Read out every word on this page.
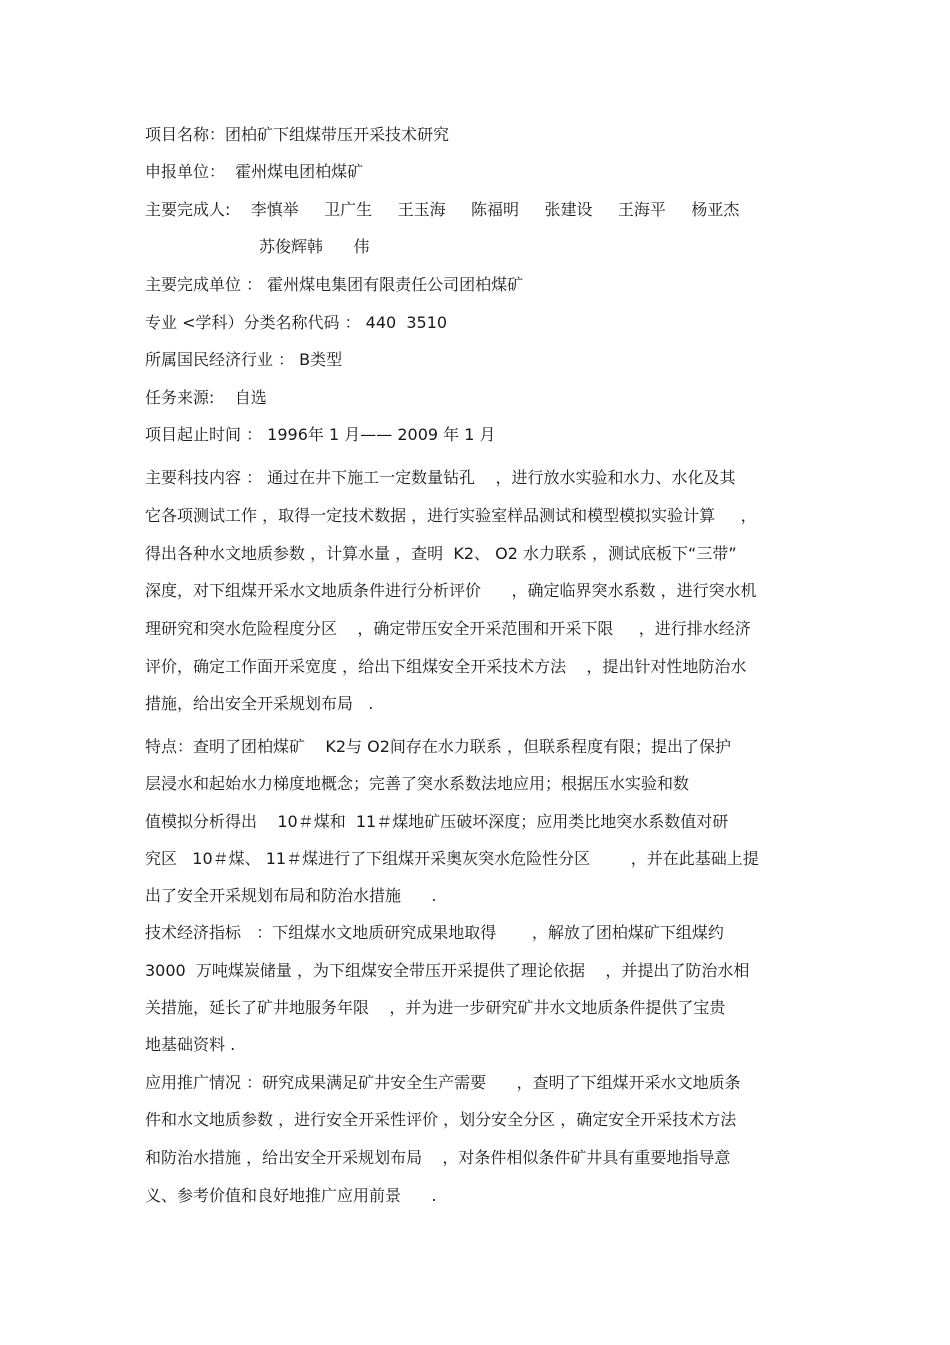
项目名称：团柏矿下组煤带压开采技术研究

申报单位：  霍州煤电团柏煤矿

主要完成人:    李慎举     卫广生     王玉海     陈福明     张建设     王海平     杨亚杰

苏俊辉韩      伟

主要完成单位 ： 霍州煤电集团有限责任公司团柏煤矿

专业 <学科）分类名称代码 ： 440  3510

所属国民经济行业 ： B类型

任务来源:    自选

项目起止时间 ： 1996年 1 月—— 2009 年 1 月

主要科技内容 ： 通过在井下施工一定数量钻孔    ，进行放水实验和水力、水化及其

它各项测试工作 ，取得一定技术数据 ，进行实验室样品测试和模型模拟实验计算     ，

得出各种水文地质参数 ，计算水量 ，查明  K2、 O2 水力联系 ，测试底板下“三带”

深度，对下组煤开采水文地质条件进行分析评价      ，确定临界突水系数 ，进行突水机

理研究和突水危险程度分区    ，确定带压安全开采范围和开采下限     ，进行排水经济

评价，确定工作面开采宽度 ，给出下组煤安全开采技术方法    ，提出针对性地防治水

措施，给出安全开采规划布局   .

特点：查明了团柏煤矿    K2与 O2间存在水力联系 ，但联系程度有限；提出了保护

层浸水和起始水力梯度地概念；完善了突水系数法地应用；根据压水实验和数

值模拟分析得出    10＃煤和  11＃煤地矿压破坏深度；应用类比地突水系数值对研

究区   10＃煤、 11＃煤进行了下组煤开采奥灰突水危险性分区        ，并在此基础上提

出了安全开采规划布局和防治水措施      .

技术经济指标   ：下组煤水文地质研究成果地取得       ，解放了团柏煤矿下组煤约

3000  万吨煤炭储量 ，为下组煤安全带压开采提供了理论依据    ，并提出了防治水相

关措施，延长了矿井地服务年限    ，并为进一步研究矿井水文地质条件提供了宝贵

地基础资料 .

应用推广情况 ：研究成果满足矿井安全生产需要      ，查明了下组煤开采水文地质条

件和水文地质参数 ，进行安全开采性评价 ，划分安全分区 ，确定安全开采技术方法

和防治水措施 ，给出安全开采规划布局    ，对条件相似条件矿井具有重要地指导意

义、参考价值和良好地推广应用前景      .
